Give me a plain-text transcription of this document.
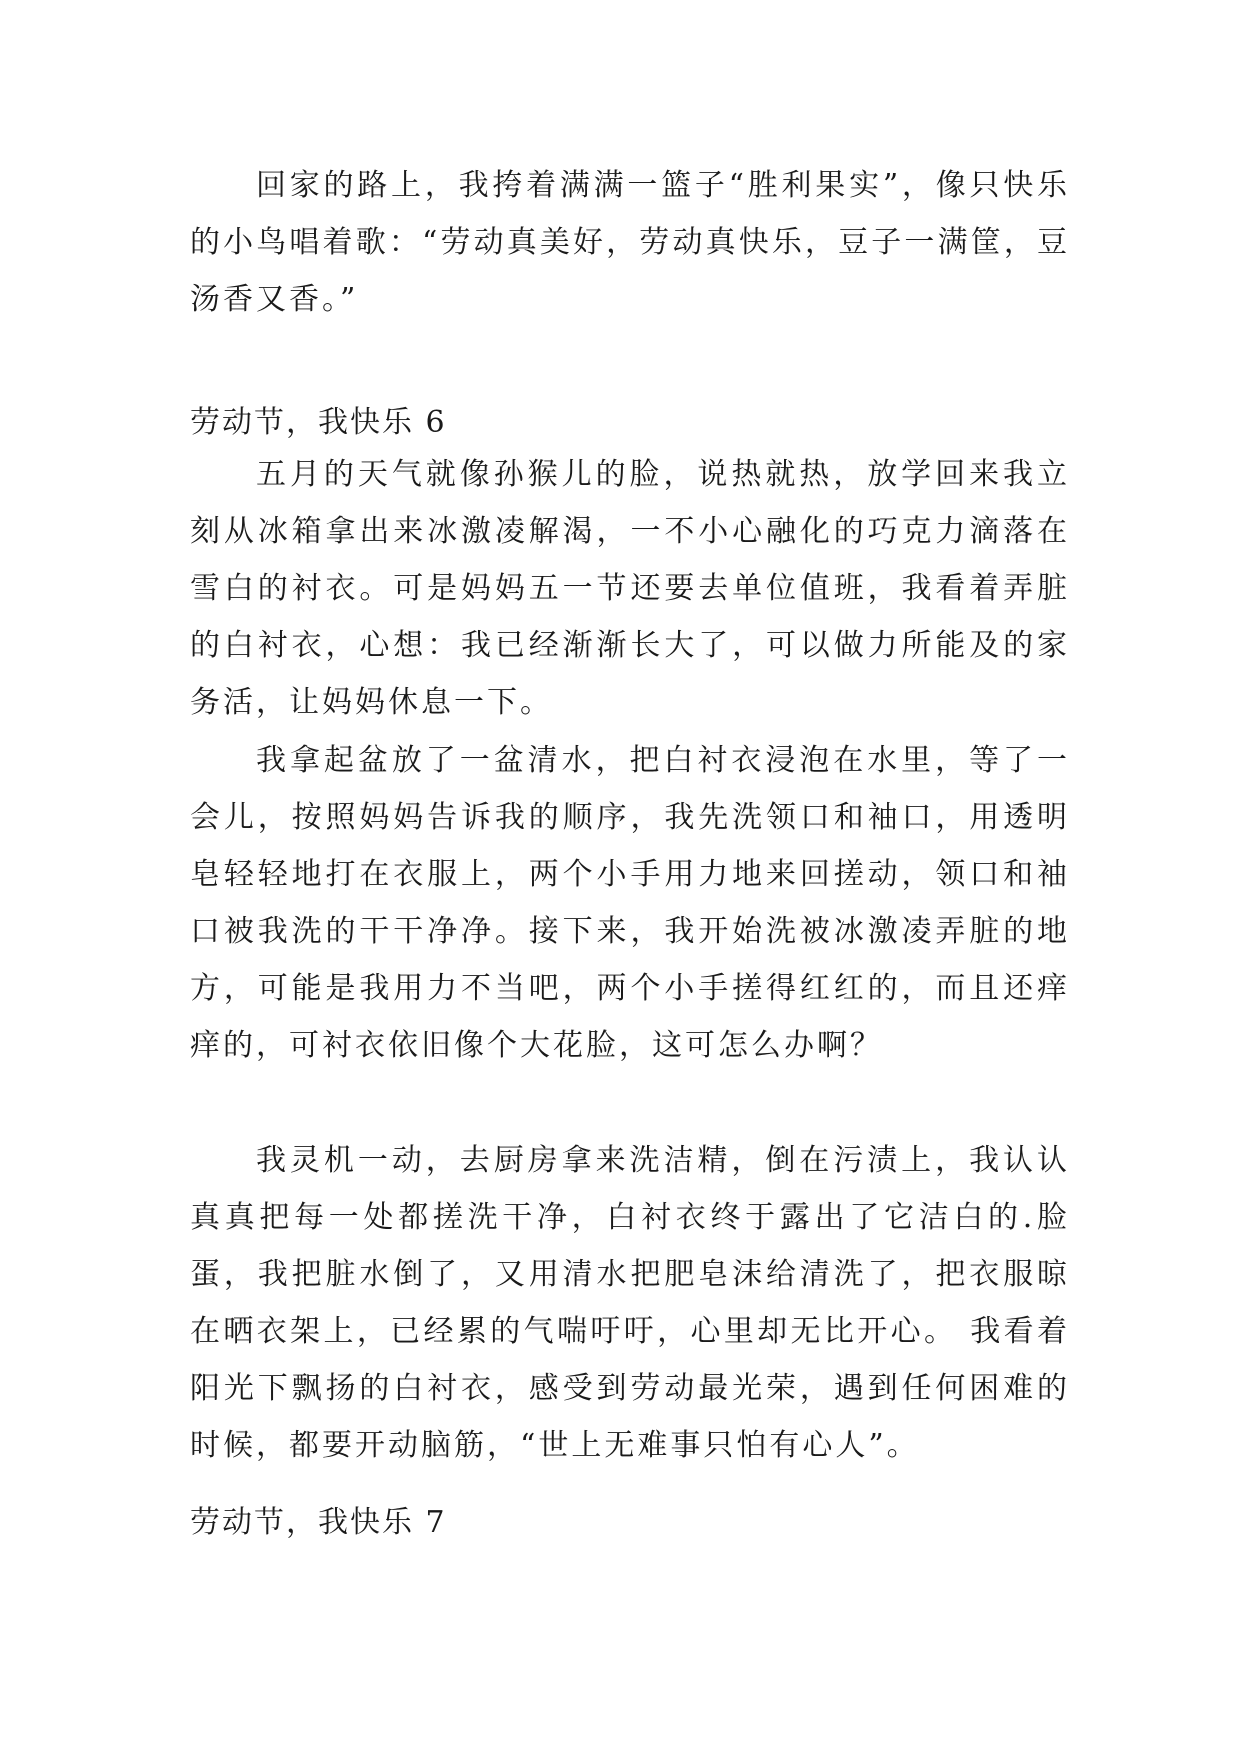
回家的路上，我挎着满满一篮子“胜利果实”，像只快乐的小鸟唱着歌：“劳动真美好，劳动真快乐，豆子一满筐，豆汤香又香。”

劳动节，我快乐 6

五月的天气就像孙猴儿的脸，说热就热，放学回来我立刻从冰箱拿出来冰激凌解渴，一不小心融化的巧克力滴落在雪白的衬衣。可是妈妈五一节还要去单位值班，我看着弄脏的白衬衣，心想：我已经渐渐长大了，可以做力所能及的家务活，让妈妈休息一下。

我拿起盆放了一盆清水，把白衬衣浸泡在水里，等了一会儿，按照妈妈告诉我的顺序，我先洗领口和袖口，用透明皂轻轻地打在衣服上，两个小手用力地来回搓动，领口和袖口被我洗的干干净净。接下来，我开始洗被冰激凌弄脏的地方，可能是我用力不当吧，两个小手搓得红红的，而且还痒痒的，可衬衣依旧像个大花脸，这可怎么办啊？

我灵机一动，去厨房拿来洗洁精，倒在污渍上，我认认真真把每一处都搓洗干净，白衬衣终于露出了它洁白的.脸蛋，我把脏水倒了，又用清水把肥皂沫给清洗了，把衣服晾在晒衣架上，已经累的气喘吁吁，心里却无比开心。 我看着阳光下飘扬的白衬衣，感受到劳动最光荣，遇到任何困难的时候，都要开动脑筋，“世上无难事只怕有心人”。

劳动节，我快乐 7
